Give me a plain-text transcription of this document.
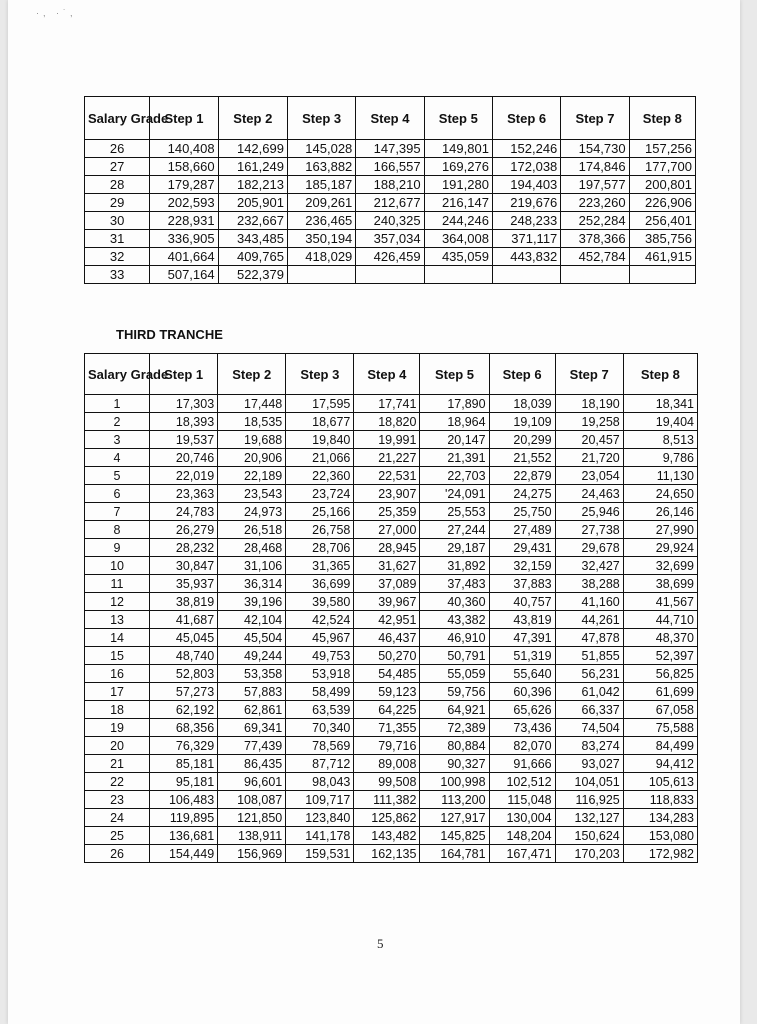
·, ·˙,
Salary Grade	Step 1	Step 2	Step 3	Step 4	Step 5	Step 6	Step 7	Step 8
26	140,408	142,699	145,028	147,395	149,801	152,246	154,730	157,256
27	158,660	161,249	163,882	166,557	169,276	172,038	174,846	177,700
28	179,287	182,213	185,187	188,210	191,280	194,403	197,577	200,801
29	202,593	205,901	209,261	212,677	216,147	219,676	223,260	226,906
30	228,931	232,667	236,465	240,325	244,246	248,233	252,284	256,401
31	336,905	343,485	350,194	357,034	364,008	371,117	378,366	385,756
32	401,664	409,765	418,029	426,459	435,059	443,832	452,784	461,915
33	507,164	522,379						
THIRD TRANCHE
Salary Grade	Step 1	Step 2	Step 3	Step 4	Step 5	Step 6	Step 7	Step 8
1	17,303	17,448	17,595	17,741	17,890	18,039	18,190	18,341
2	18,393	18,535	18,677	18,820	18,964	19,109	19,258	19,404
3	19,537	19,688	19,840	19,991	20,147	20,299	20,457	8,513
4	20,746	20,906	21,066	21,227	21,391	21,552	21,720	9,786
5	22,019	22,189	22,360	22,531	22,703	22,879	23,054	11,130
6	23,363	23,543	23,724	23,907	'24,091	24,275	24,463	24,650
7	24,783	24,973	25,166	25,359	25,553	25,750	25,946	26,146
8	26,279	26,518	26,758	27,000	27,244	27,489	27,738	27,990
9	28,232	28,468	28,706	28,945	29,187	29,431	29,678	29,924
10	30,847	31,106	31,365	31,627	31,892	32,159	32,427	32,699
11	35,937	36,314	36,699	37,089	37,483	37,883	38,288	38,699
12	38,819	39,196	39,580	39,967	40,360	40,757	41,160	41,567
13	41,687	42,104	42,524	42,951	43,382	43,819	44,261	44,710
14	45,045	45,504	45,967	46,437	46,910	47,391	47,878	48,370
15	48,740	49,244	49,753	50,270	50,791	51,319	51,855	52,397
16	52,803	53,358	53,918	54,485	55,059	55,640	56,231	56,825
17	57,273	57,883	58,499	59,123	59,756	60,396	61,042	61,699
18	62,192	62,861	63,539	64,225	64,921	65,626	66,337	67,058
19	68,356	69,341	70,340	71,355	72,389	73,436	74,504	75,588
20	76,329	77,439	78,569	79,716	80,884	82,070	83,274	84,499
21	85,181	86,435	87,712	89,008	90,327	91,666	93,027	94,412
22	95,181	96,601	98,043	99,508	100,998	102,512	104,051	105,613
23	106,483	108,087	109,717	111,382	113,200	115,048	116,925	118,833
24	119,895	121,850	123,840	125,862	127,917	130,004	132,127	134,283
25	136,681	138,911	141,178	143,482	145,825	148,204	150,624	153,080
26	154,449	156,969	159,531	162,135	164,781	167,471	170,203	172,982
5
